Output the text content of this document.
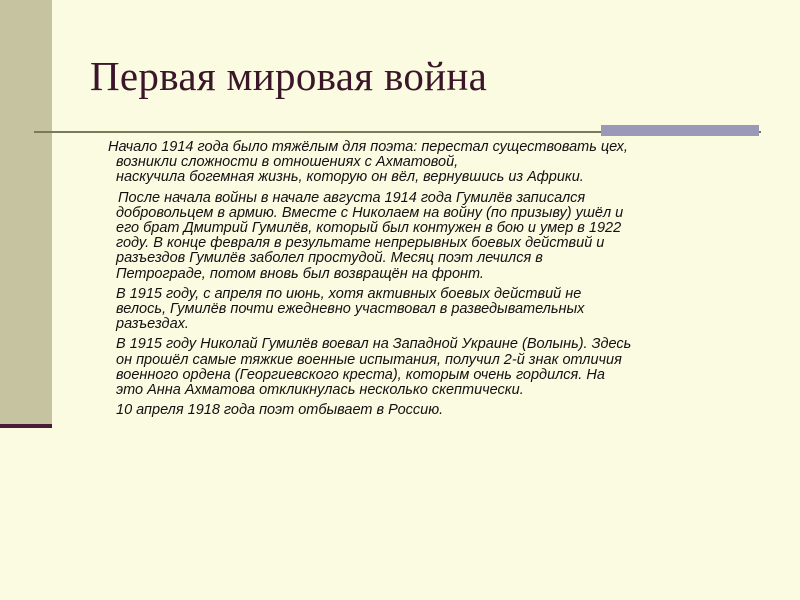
Первая мировая война

Начало 1914 года было тяжёлым для поэта: перестал существовать цех,
возникли сложности в отношениях с Ахматовой,
наскучила богемная жизнь, которую он вёл, вернувшись из Африки.

После начала войны в начале августа 1914 года Гумилёв записался
добровольцем в армию. Вместе с Николаем на войну (по призыву) ушёл и
его брат Дмитрий Гумилёв, который был контужен в бою и умер в 1922
году. В конце февраля в результате непрерывных боевых действий и
разъездов Гумилёв заболел простудой. Месяц поэт лечился в
Петрограде, потом вновь был возвращён на фронт.

В 1915 году, с апреля по июнь, хотя активных боевых действий не
велось, Гумилёв почти ежедневно участвовал в разведывательных
разъездах.

В 1915 году Николай Гумилёв воевал на Западной Украине (Волынь). Здесь
он прошёл самые тяжкие военные испытания, получил 2-й знак отличия
военного ордена (Георгиевского креста), которым очень гордился. На
это Анна Ахматова откликнулась несколько скептически.

10 апреля 1918 года поэт отбывает в Россию.
